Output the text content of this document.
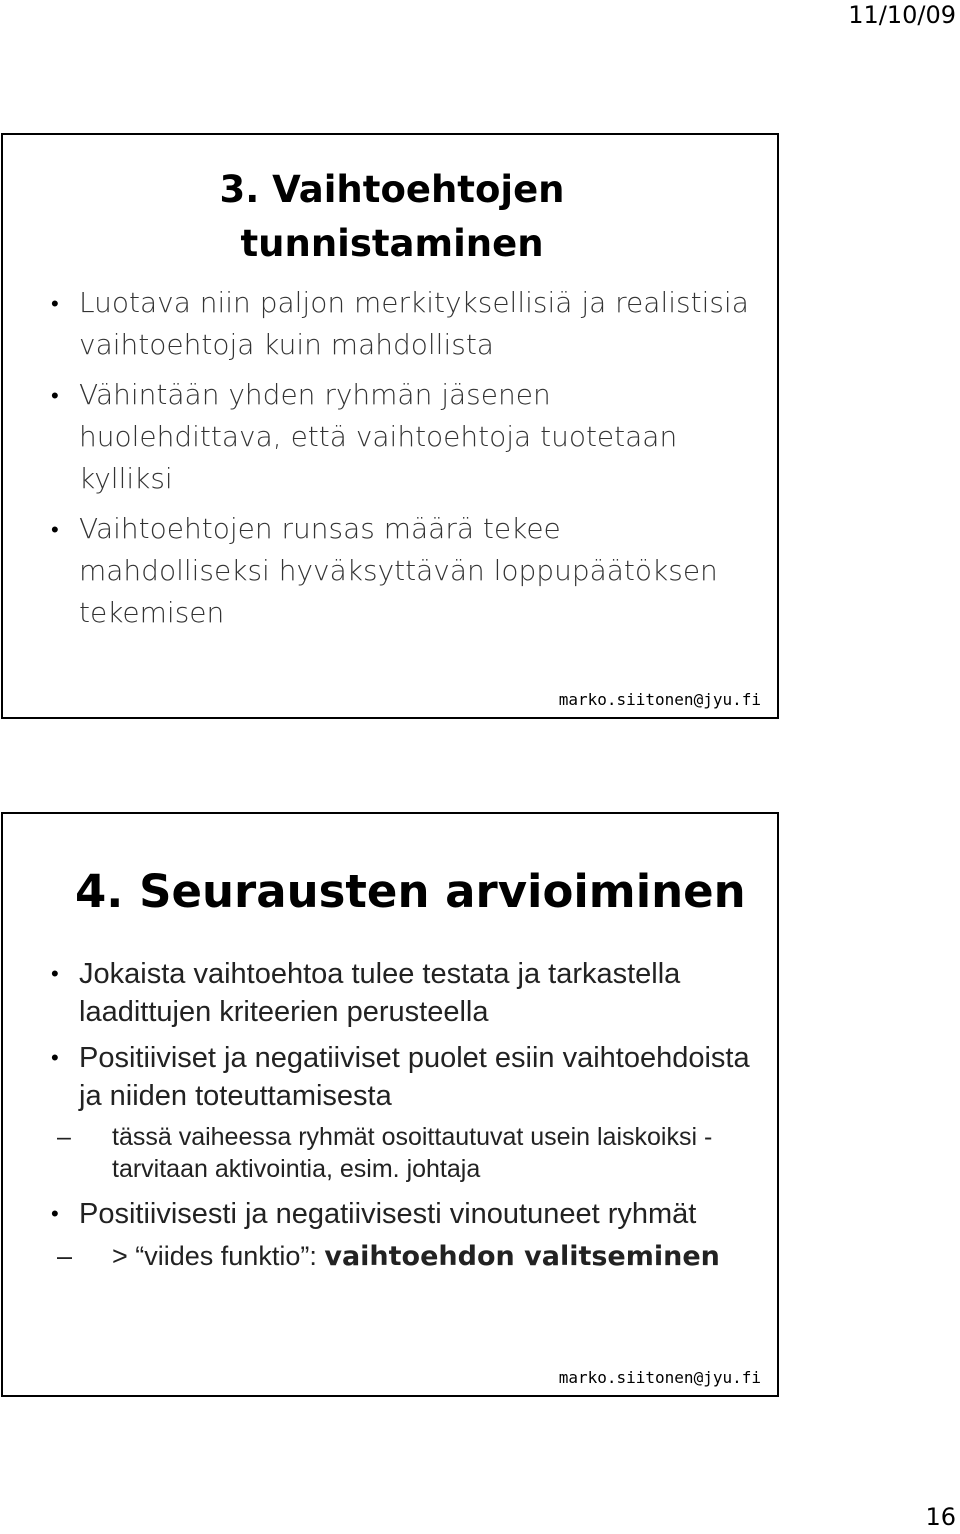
11/10/09
3. Vaihtoehtojen
tunnistaminen
• Luotava niin paljon merkityksellisiä ja realistisia vaihtoehtoja kuin mahdollista
• Vähintään yhden ryhmän jäsenen huolehdittava, että vaihtoehtoja tuotetaan kylliksi
• Vaihtoehtojen runsas määrä tekee mahdolliseksi hyväksyttävän loppupäätöksen tekemisen
marko.siitonen@jyu.fi
4. Seurausten arvioiminen
• Jokaista vaihtoehtoa tulee testata ja tarkastella laadittujen kriteerien perusteella
• Positiiviset ja negatiiviset puolet esiin vaihtoehdoista ja niiden toteuttamisesta
– tässä vaiheessa ryhmät osoittautuvat usein laiskoiksi - tarvitaan aktivointia, esim. johtaja
• Positiivisesti ja negatiivisesti vinoutuneet ryhmät
– > “viides funktio”: vaihtoehdon valitseminen
marko.siitonen@jyu.fi
16
